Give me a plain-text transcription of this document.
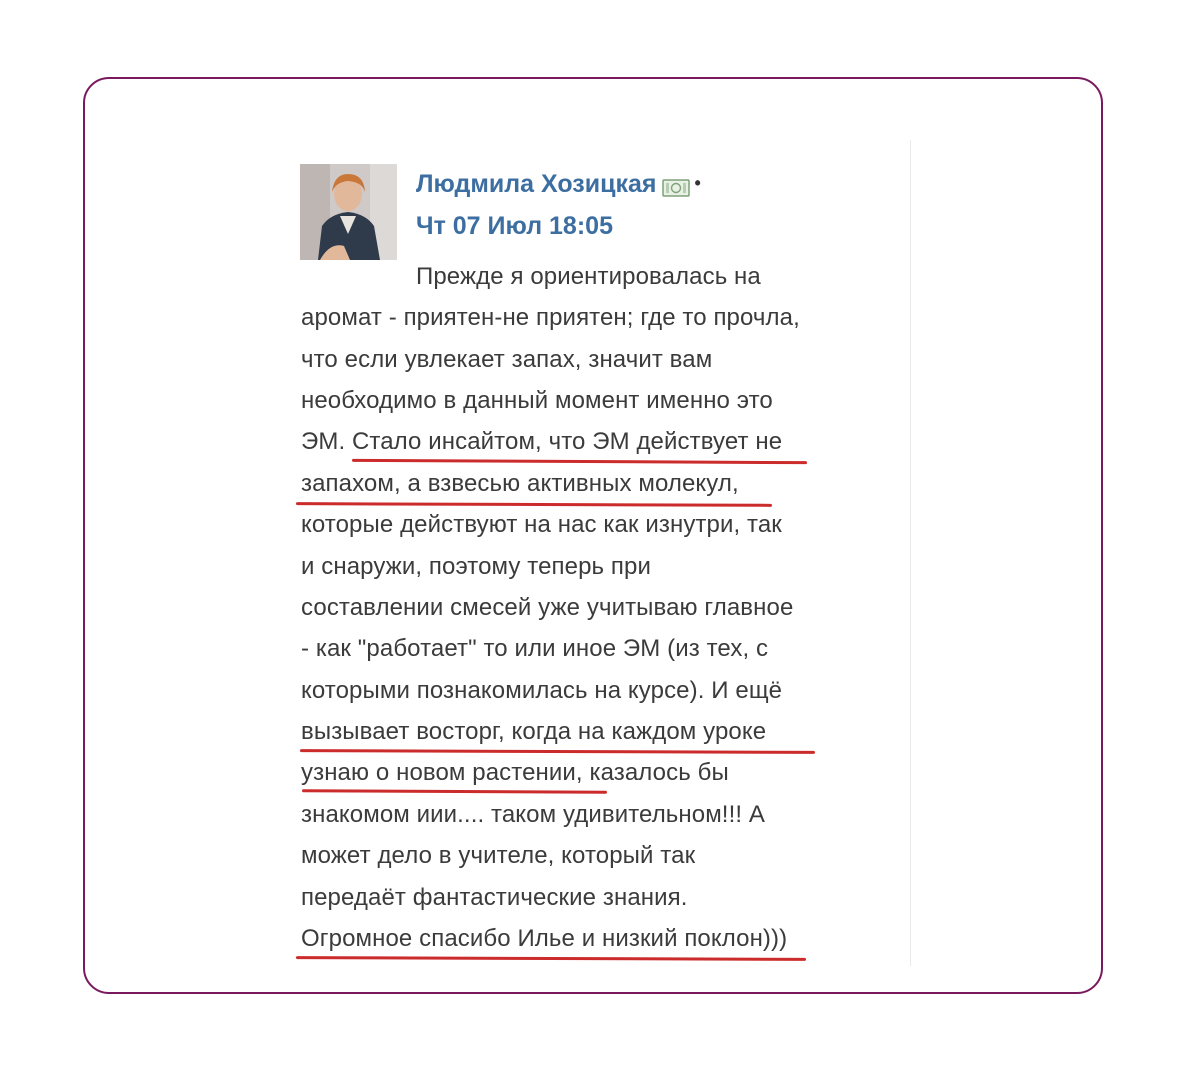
Людмила Хозицкая •
Чт 07 Июл 18:05
Прежде я ориентировалась на
аромат - приятен-не приятен; где то прочла,
что если увлекает запах, значит вам
необходимо в данный момент именно это
ЭМ. Стало инсайтом, что ЭМ действует не
запахом, а взвесью активных молекул,
которые действуют на нас как изнутри, так
и снаружи, поэтому теперь при
составлении смесей уже учитываю главное
- как "работает" то или иное ЭМ (из тех, с
которыми познакомилась на курсе). И ещё
вызывает восторг, когда на каждом уроке
узнаю о новом растении, казалось бы
знакомом иии.... таком удивительном!!! А
может дело в учителе, который так
передаёт фантастические знания.
Огромное спасибо Илье и низкий поклон)))
